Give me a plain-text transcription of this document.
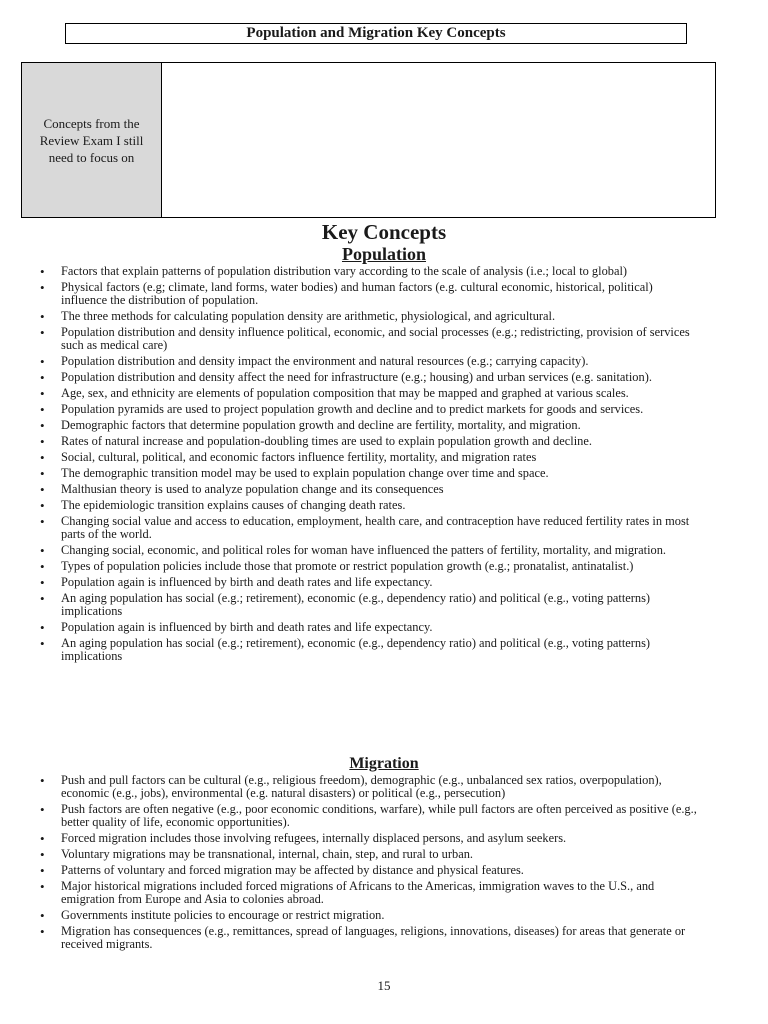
Population and Migration Key Concepts
Concepts from the Review Exam I still need to focus on
Key Concepts
Population
• Factors that explain patterns of population distribution vary according to the scale of analysis (i.e.; local to global)
• Physical factors (e.g; climate, land forms, water bodies) and human factors (e.g. cultural economic, historical, political) influence the distribution of population.
• The three methods for calculating population density are arithmetic, physiological, and agricultural.
• Population distribution and density influence political, economic, and social processes (e.g.; redistricting, provision of services such as medical care)
• Population distribution and density impact the environment and natural resources (e.g.; carrying capacity).
• Population distribution and density affect the need for infrastructure (e.g.; housing) and urban services (e.g. sanitation).
• Age, sex, and ethnicity are elements of population composition that may be mapped and graphed at various scales.
• Population pyramids are used to project population growth and decline and to predict markets for goods and services.
• Demographic factors that determine population growth and decline are fertility, mortality, and migration.
• Rates of natural increase and population-doubling times are used to explain population growth and decline.
• Social, cultural, political, and economic factors influence fertility, mortality, and migration rates
• The demographic transition model may be used to explain population change over time and space.
• Malthusian theory is used to analyze population change and its consequences
• The epidemiologic transition explains causes of changing death rates.
• Changing social value and access to education, employment, health care, and contraception have reduced fertility rates in most parts of the world.
• Changing social, economic, and political roles for woman have influenced the patters of fertility, mortality, and migration.
• Types of population policies include those that promote or restrict population growth (e.g.; pronatalist, antinatalist.)
• Population again is influenced by birth and death rates and life expectancy.
• An aging population has social (e.g.; retirement), economic (e.g., dependency ratio) and political (e.g., voting patterns) implications
• Population again is influenced by birth and death rates and life expectancy.
• An aging population has social (e.g.; retirement), economic (e.g., dependency ratio) and political (e.g., voting patterns) implications
Migration
• Push and pull factors can be cultural (e.g., religious freedom), demographic (e.g., unbalanced sex ratios, overpopulation), economic (e.g., jobs), environmental (e.g. natural disasters) or political (e.g., persecution)
• Push factors are often negative (e.g., poor economic conditions, warfare), while pull factors are often perceived as positive (e.g., better quality of life, economic opportunities).
• Forced migration includes those involving refugees, internally displaced persons, and asylum seekers.
• Voluntary migrations may be transnational, internal, chain, step, and rural to urban.
• Patterns of voluntary and forced migration may be affected by distance and physical features.
• Major historical migrations included forced migrations of Africans to the Americas, immigration waves to the U.S., and emigration from Europe and Asia to colonies abroad.
• Governments institute policies to encourage or restrict migration.
• Migration has consequences (e.g., remittances, spread of languages, religions, innovations, diseases) for areas that generate or received migrants.
15
